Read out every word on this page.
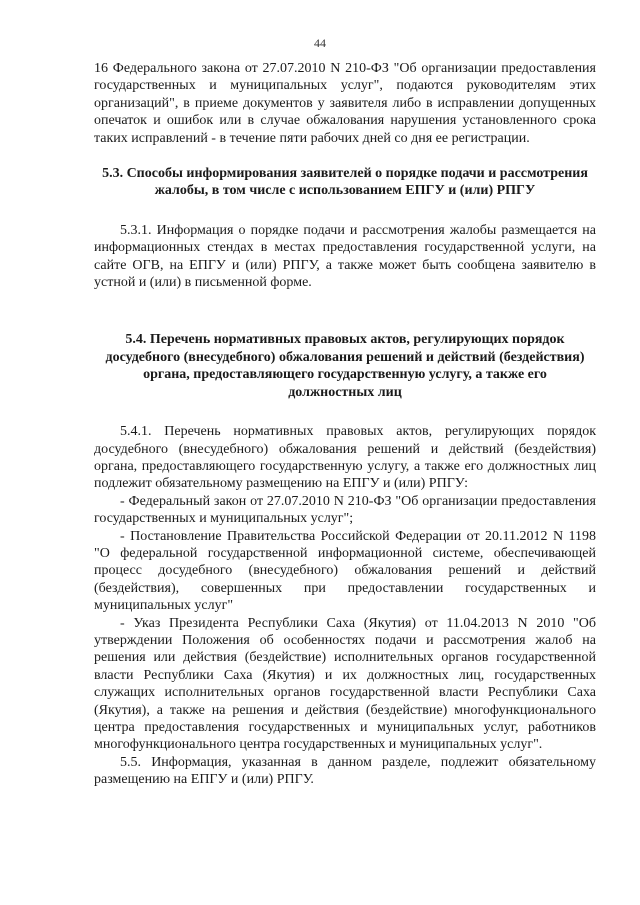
44

16 Федерального закона от 27.07.2010 N 210-ФЗ "Об организации предоставления государственных и муниципальных услуг", подаются руководителям этих организаций", в приеме документов у заявителя либо в исправлении допущенных опечаток и ошибок или в случае обжалования нарушения установленного срока таких исправлений - в течение пяти рабочих дней со дня ее регистрации.

5.3. Способы информирования заявителей о порядке подачи и рассмотрения жалобы, в том числе с использованием ЕПГУ и (или) РПГУ

5.3.1. Информация о порядке подачи и рассмотрения жалобы размещается на информационных стендах в местах предоставления государственной услуги, на сайте ОГВ, на ЕПГУ и (или) РПГУ, а также может быть сообщена заявителю в устной и (или) в письменной форме.

5.4. Перечень нормативных правовых актов, регулирующих порядок досудебного (внесудебного) обжалования решений и действий (бездействия) органа, предоставляющего государственную услугу, а также его должностных лиц

5.4.1. Перечень нормативных правовых актов, регулирующих порядок досудебного (внесудебного) обжалования решений и действий (бездействия) органа, предоставляющего государственную услугу, а также его должностных лиц подлежит обязательному размещению на ЕПГУ и (или) РПГУ:

- Федеральный закон от 27.07.2010 N 210-ФЗ "Об организации предоставления государственных и муниципальных услуг";

- Постановление Правительства Российской Федерации от 20.11.2012 N 1198 "О федеральной государственной информационной системе, обеспечивающей процесс досудебного (внесудебного) обжалования решений и действий (бездействия), совершенных при предоставлении государственных и муниципальных услуг"

- Указ Президента Республики Саха (Якутия) от 11.04.2013 N 2010 "Об утверждении Положения об особенностях подачи и рассмотрения жалоб на решения или действия (бездействие) исполнительных органов государственной власти Республики Саха (Якутия) и их должностных лиц, государственных служащих исполнительных органов государственной власти Республики Саха (Якутия), а также на решения и действия (бездействие) многофункционального центра предоставления государственных и муниципальных услуг, работников многофункционального центра государственных и муниципальных услуг".

5.5. Информация, указанная в данном разделе, подлежит обязательному размещению на ЕПГУ и (или) РПГУ.
